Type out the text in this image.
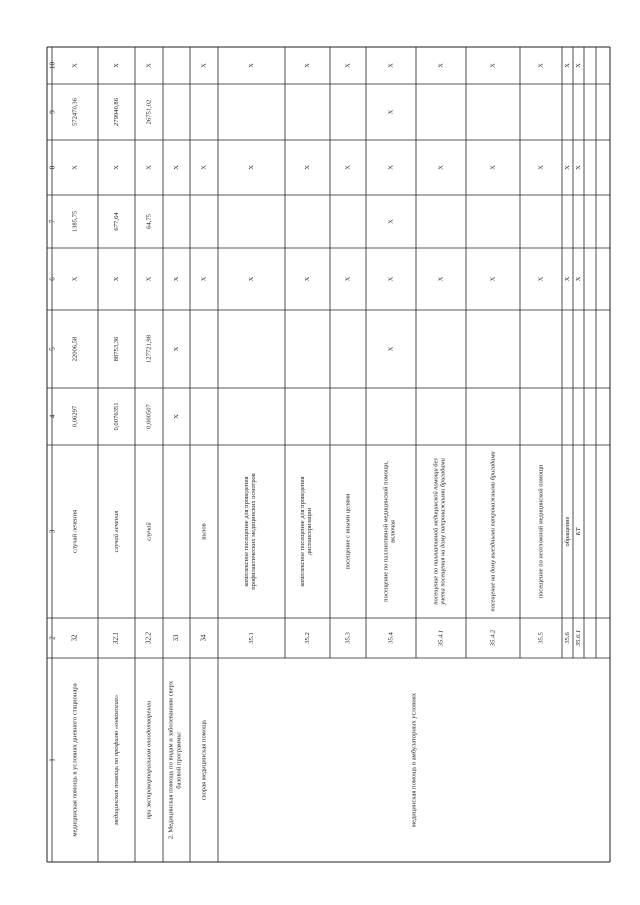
1
2
3
4
5
6
7
8
9
10
медицинская помощь в условиях дневного стационара
32
случай лечения
0,06297
22006,58
X
1385,75
X
572470,36
X
медицинская помощь по профилю «онкология»
32.1
случай лечения
0,0076351
88753,36
X
677,64
X
279940,86
X
при экстракорпоральном оплодотворении
32.2
случай
0,000507
127721,98
X
64,75
X
26751,02
X
2. Медицинская помощь по видам и заболеваниям сверхбазовой программы:
33
X
X
X
X
скорая медицинская помощь
34
вызов
X
X
X
медицинская помощь в амбулаторных условиях
35.1
комплексное посещение для проведенияпрофилактических медицинских осмотров
X
X
X
35.2
комплексное посещение для проведениядиспансеризации
X
X
X
35.3
посещение с иными целями
X
X
X
35.4
посещение по паллиативной медицинской помощи,включая
X
X
X
X
X
X
35.4.1
посещение по паллиативной медицинской помощи безучета посещения на дому патронажными бригадами
X
X
X
35.4.2
посещение на дому выездными патронажными бригадами
X
X
X
35.5
посещение по неотложной медицинской помощи
X
X
X
35.6
обращение
X
X
X
35.6.1
КТ
X
X
X
